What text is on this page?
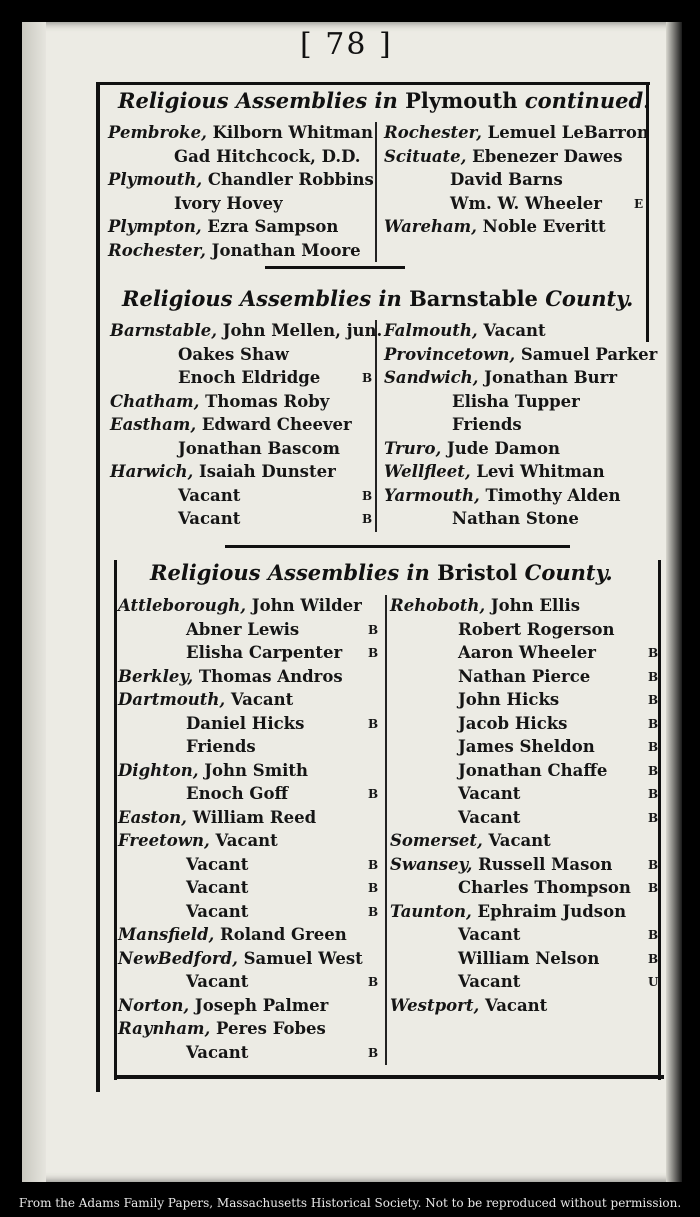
[ 78 ]
Religious Assemblies in Plymouth continued.
Pembroke, Kilborn Whitman
Gad Hitchcock, D.D.
Plymouth, Chandler Robbins
Ivory Hovey
Plympton, Ezra Sampson
Rochester, Jonathan Moore
Rochester, Lemuel LeBarron
Scituate, Ebenezer Dawes
David Barns
Wm. W. Wheeler	E
Wareham, Noble Everitt
Religious Assemblies in Barnstable County.
Barnstable, John Mellen, jun.
Oakes Shaw
Enoch Eldridge	B
Chatham, Thomas Roby
Eastham, Edward Cheever
Jonathan Bascom
Harwich, Isaiah Dunster
Vacant	B
Vacant	B
Falmouth, Vacant
Provincetown, Samuel Parker
Sandwich, Jonathan Burr
Elisha Tupper
Friends
Truro, Jude Damon
Wellfleet, Levi Whitman
Yarmouth, Timothy Alden
Nathan Stone
Religious Assemblies in Bristol County.
Attleborough, John Wilder
Abner Lewis	B
Elisha Carpenter B
Berkley, Thomas Andros
Dartmouth, Vacant
Daniel Hicks	B
Friends
Dighton, John Smith
Enoch Goff	B
Easton, William Reed
Freetown, Vacant
Vacant	B
Vacant	B
Vacant	B
Mansfield, Roland Green
NewBedford, Samuel West
Vacant	B
Norton, Joseph Palmer
Raynham, Peres Fobes
Vacant	B
Rehoboth, John Ellis
Robert Rogerson
Aaron Wheeler	B
Nathan Pierce	B
John Hicks	B
Jacob Hicks	B
James Sheldon	B
Jonathan Chaffe	B
Vacant	B
Vacant	B
Somerset, Vacant
Swansey, Russell Mason	B
Charles Thompson B
Taunton, Ephraim Judson
Vacant	B
William Nelson	B
Vacant	U
Westport, Vacant
From the Adams Family Papers, Massachusetts Historical Society. Not to be reproduced without permission.
